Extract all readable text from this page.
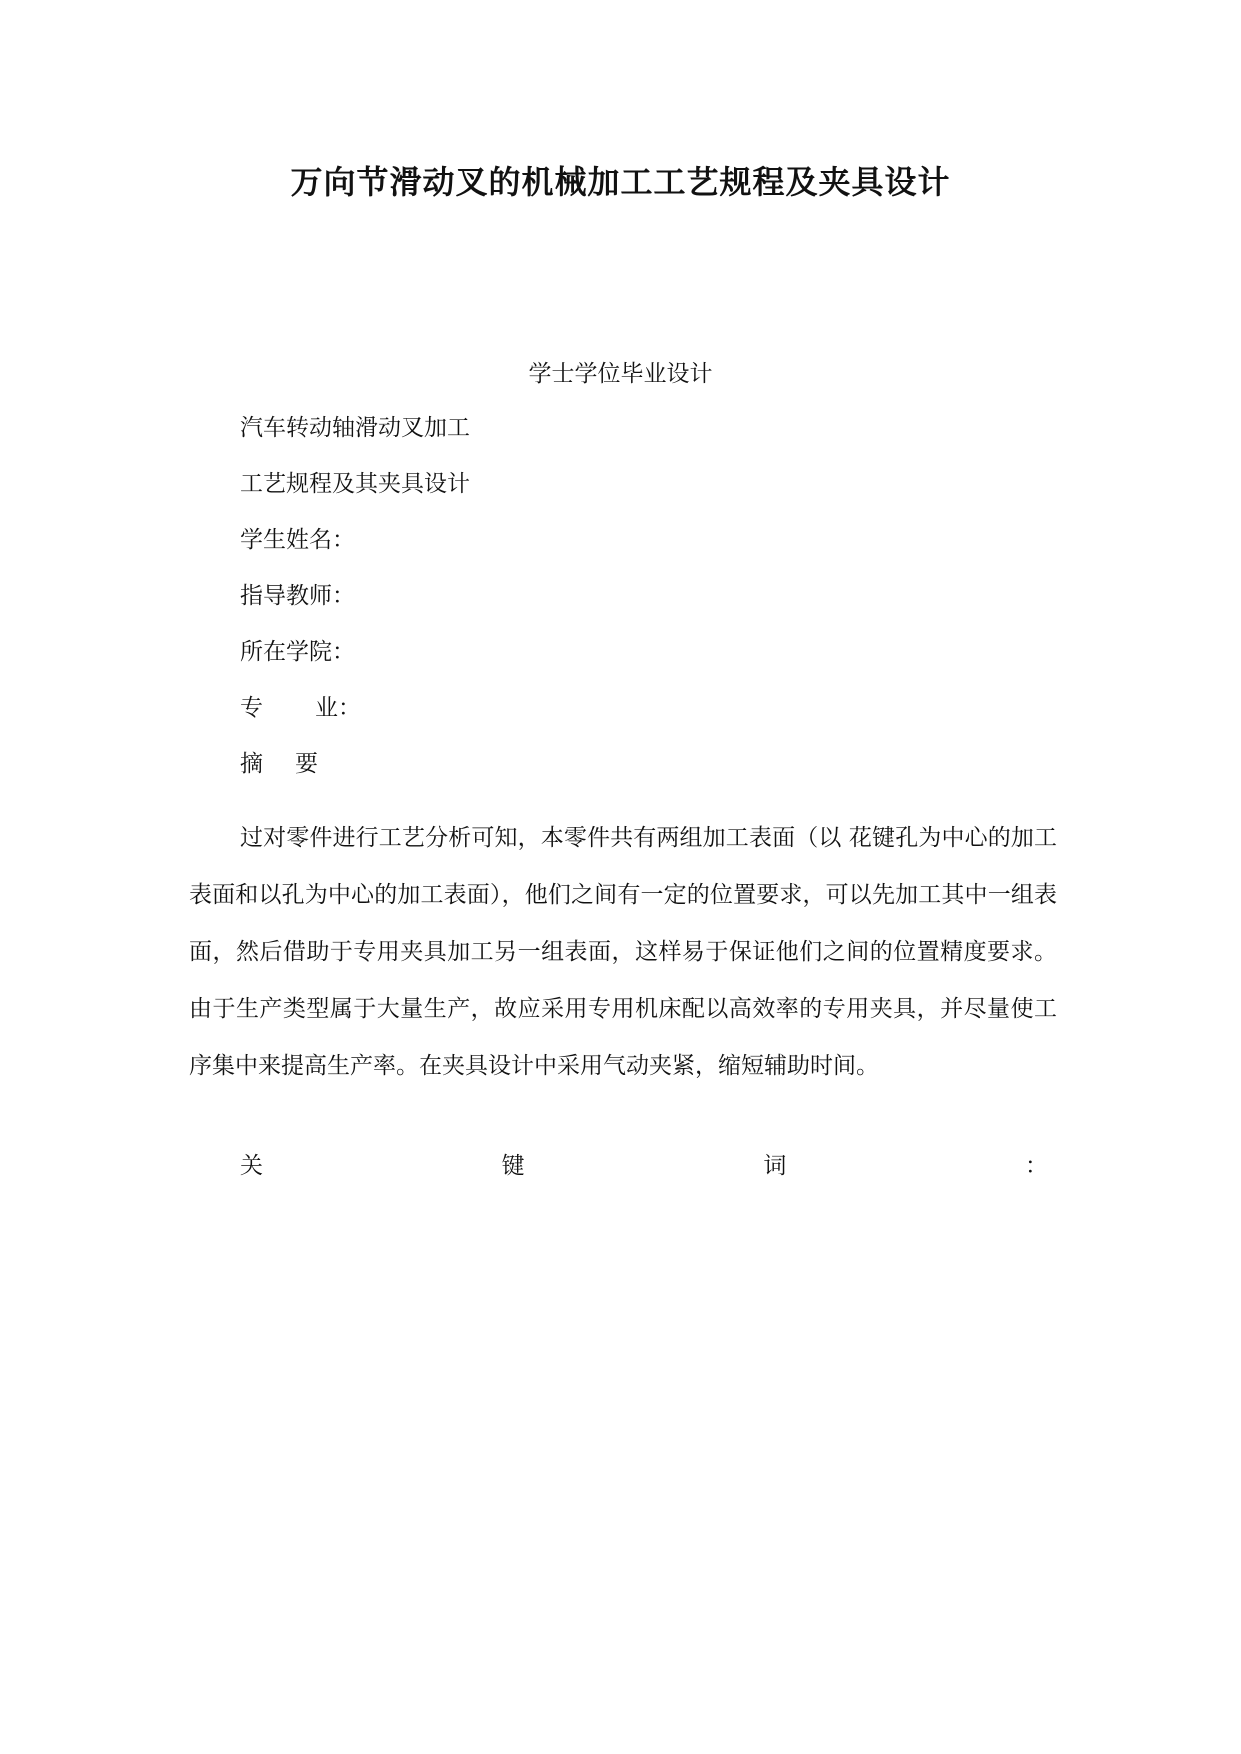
万向节滑动叉的机械加工工艺规程及夹具设计
学士学位毕业设计
汽车转动轴滑动叉加工
工艺规程及其夹具设计
学生姓名：
指导教师：
所在学院：
专 业：
摘 要
过对零件进行工艺分析可知，本零件共有两组加工表面（以 花键孔为中心的加工表面和以孔为中心的加工表面），他们之间有一定的位置要求，可以先加工其中一组表面，然后借助于专用夹具加工另一组表面，这样易于保证他们之间的位置精度要求。由于生产类型属于大量生产，故应采用专用机床配以高效率的专用夹具，并尽量使工序集中来提高生产率。在夹具设计中采用气动夹紧，缩短辅助时间。
关	键	词	：
